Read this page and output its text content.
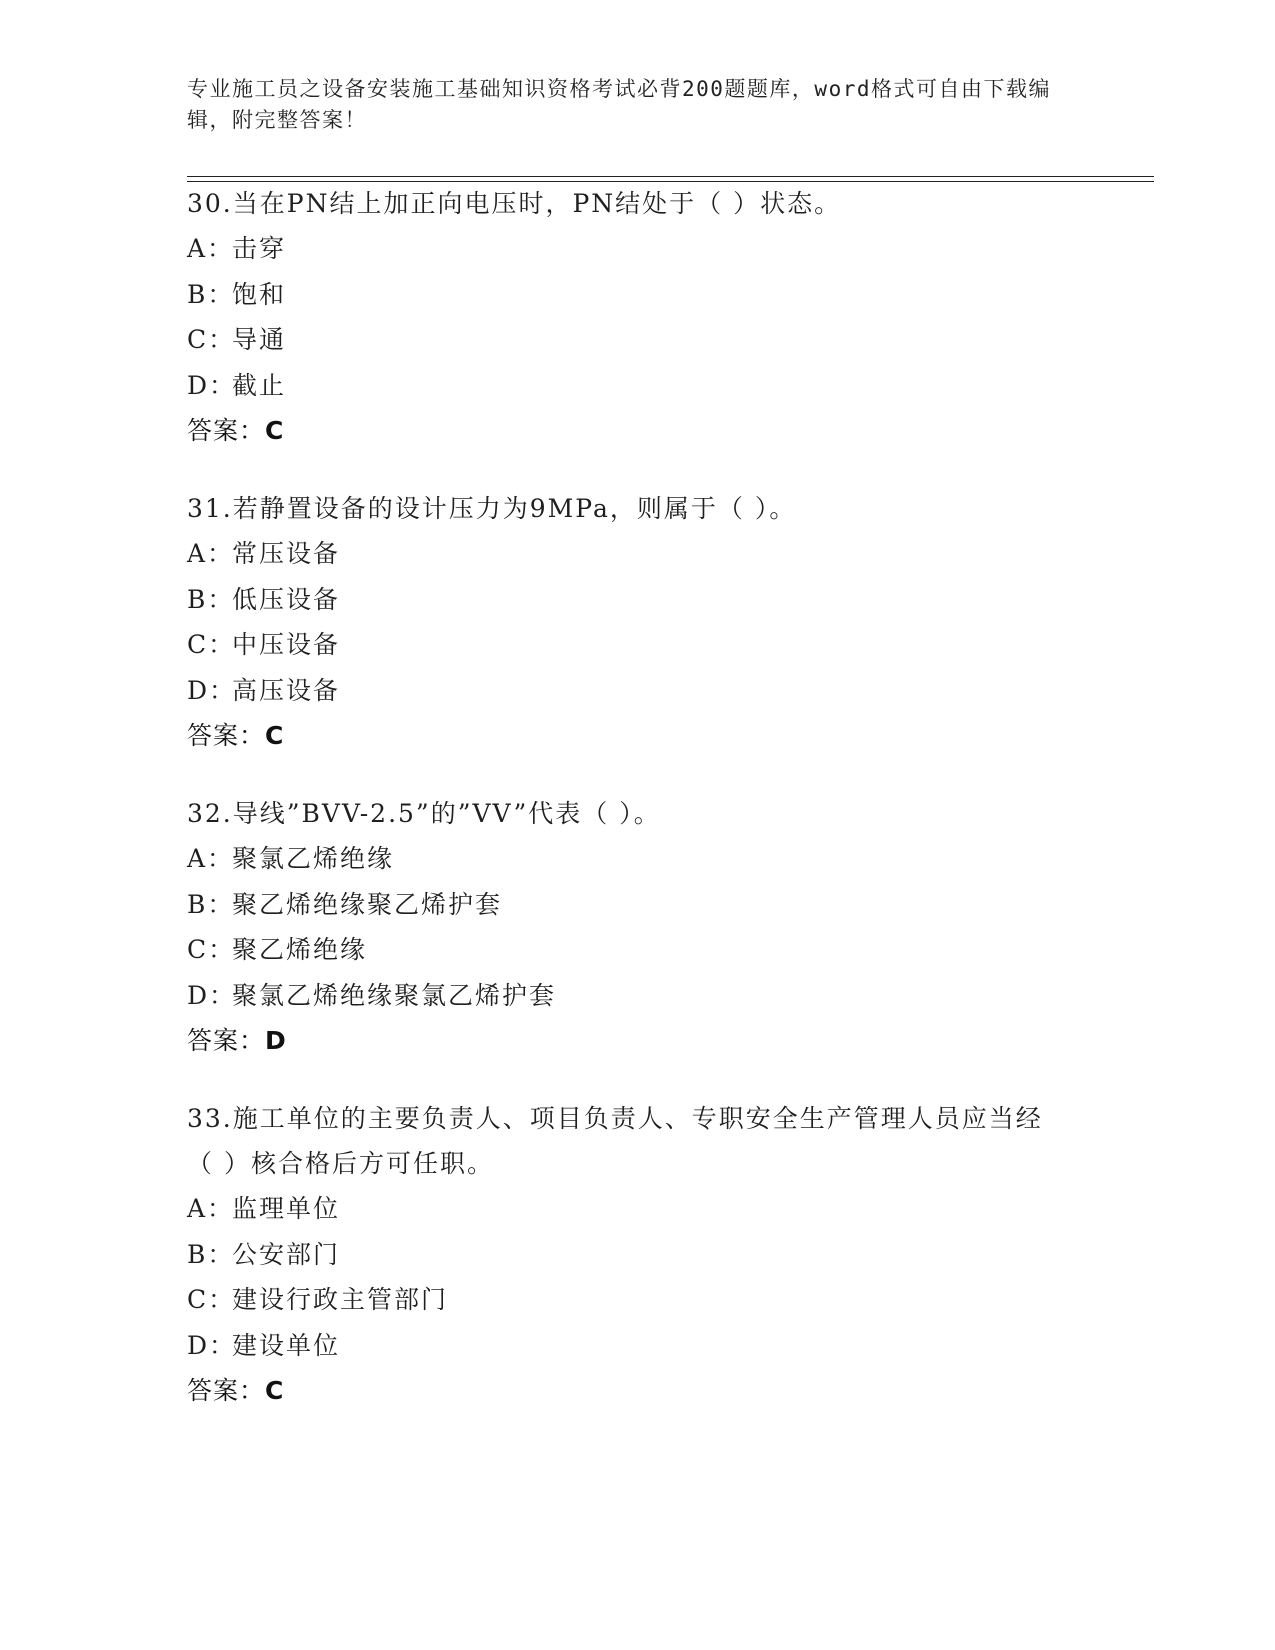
专业施工员之设备安装施工基础知识资格考试必背200题题库，word格式可自由下载编辑，附完整答案！

30.当在PN结上加正向电压时，PN结处于（ ）状态。

A：
击穿

B：
饱和

C：
导通

D：
截止

答案：C

31.若静置设备的设计压力为9MPa，则属于（ ）。

A：
常压设备

B：
低压设备

C：
中压设备

D：
高压设备

答案：C

32.导线”BVV-2.5”的”VV”代表（ ）。

A：
聚氯乙烯绝缘

B：
聚乙烯绝缘聚乙烯护套

C：
聚乙烯绝缘

D：
聚氯乙烯绝缘聚氯乙烯护套

答案：D

33.施工单位的主要负责人、项目负责人、专职安全生产管理人员应当经（ ）核合格后方可任职。

A：
监理单位

B：
公安部门

C：
建设行政主管部门

D：
建设单位

答案：C
